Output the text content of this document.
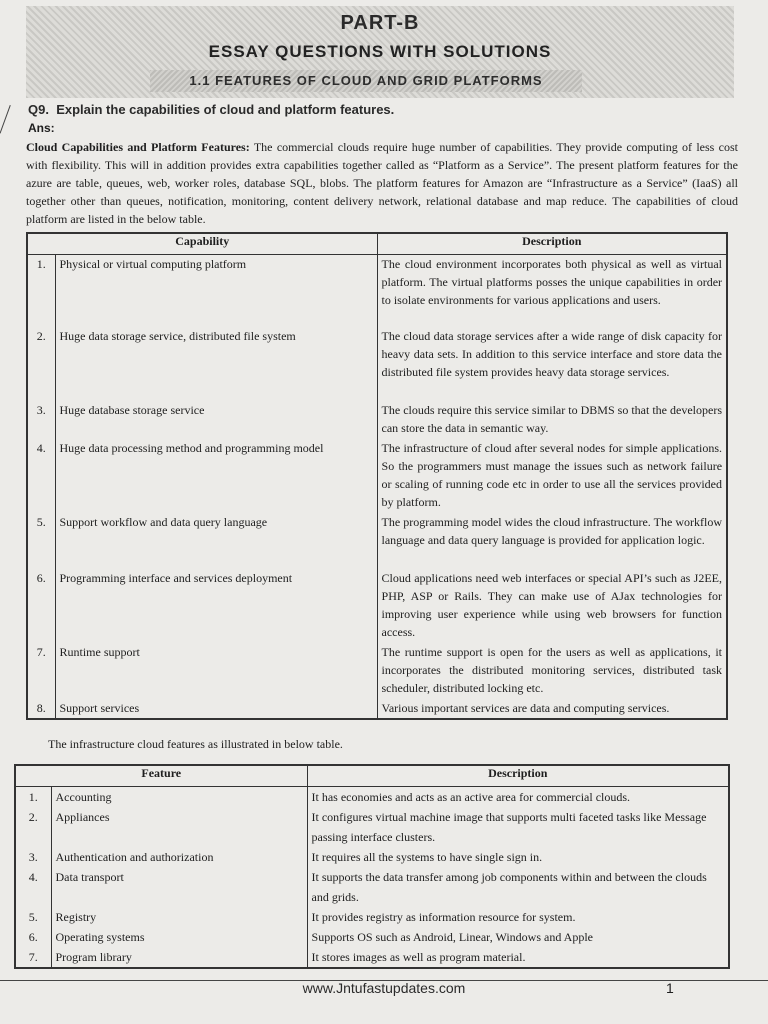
PART-B
ESSAY QUESTIONS WITH SOLUTIONS
1.1 FEATURES OF CLOUD AND GRID PLATFORMS
Q9. Explain the capabilities of cloud and platform features.
Ans:

Cloud Capabilities and Platform Features: The commercial clouds require huge number of capabilities. They provide computing of less cost with flexibility. This will in addition provides extra capabilities together called as “Platform as a Service”. The present platform features for the azure are table, queues, web, worker roles, database SQL, blobs. The platform features for Amazon are “Infrastructure as a Service” (IaaS) all together other than queues, notification, monitoring, content delivery network, relational database and map reduce. The capabilities of cloud platform are listed in the below table.

Capability		Description
1.	Physical or virtual computing platform	The cloud environment incorporates both physical as well as virtual platform. The virtual platforms posses the unique capabilities in order to isolate environments for various applications and users.
2.	Huge data storage service, distributed file system	The cloud data storage services after a wide range of disk capacity for heavy data sets. In addition to this service interface and store data the distributed file system provides heavy data storage services.
3.	Huge database storage service	The clouds require this service similar to DBMS so that the developers can store the data in semantic way.
4.	Huge data processing method and programming model	The infrastructure of cloud after several nodes for simple applications. So the programmers must manage the issues such as network failure or scaling of running code etc in order to use all the services provided by platform.
5.	Support workflow and data query language	The programming model wides the cloud infrastructure. The workflow language and data query language is provided for application logic.
6.	Programming interface and services deployment	Cloud applications need web interfaces or special API’s such as J2EE, PHP, ASP or Rails. They can make use of AJax technologies for improving user experience while using web browsers for function access.
7.	Runtime support	The runtime support is open for the users as well as applications, it incorporates the distributed monitoring services, distributed task scheduler, distributed locking etc.
8.	Support services	Various important services are data and computing services.
The infrastructure cloud features as illustrated in below table.
Feature		Description
1.	Accounting	It has economies and acts as an active area for commercial clouds.
2.	Appliances	It configures virtual machine image that supports multi faceted tasks like Message passing interface clusters.
3.	Authentication and authorization	It requires all the systems to have single sign in.
4.	Data transport	It supports the data transfer among job components within and between the clouds and grids.
5.	Registry	It provides registry as information resource for system.
6.	Operating systems	Supports OS such as Android, Linear, Windows and Apple
7.	Program library	It stores images as well as program material.
www.Jntufastupdates.com	1
